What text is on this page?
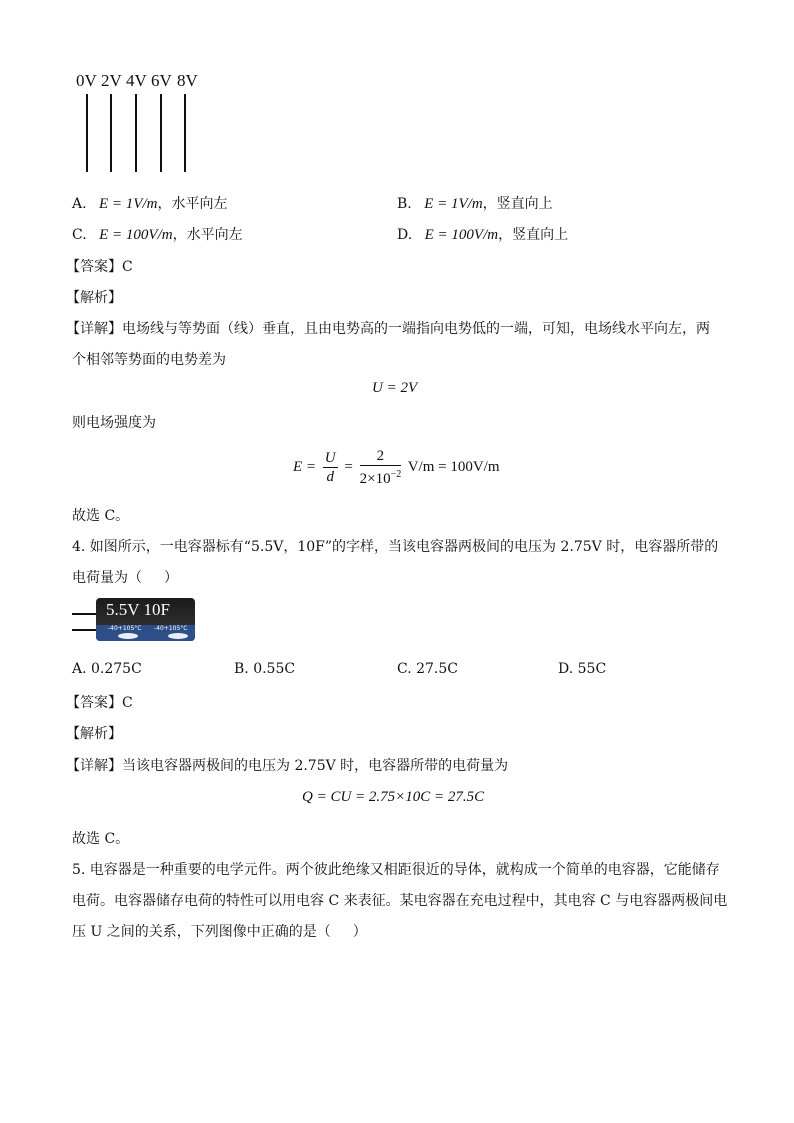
0V 2V 4V 6V 8V
A. E = 1V/m，水平向左	B. E = 1V/m，竖直向上
C. E = 100V/m，水平向左	D. E = 100V/m，竖直向上
【答案】C
【解析】
【详解】电场线与等势面（线）垂直，且由电势高的一端指向电势低的一端，可知，电场线水平向左，两
个相邻等势面的电势差为
U = 2V
则电场强度为
$E = \frac{U}{d} = \frac{2}{2\times 10^{-2}} V/m = 100V/m$
故选 C。
4. 如图所示，一电容器标有“5.5V，10F”的字样，当该电容器两极间的电压为 2.75V 时，电容器所带的
电荷量为（ ）
5.5V 10F
-40+105°C -40+105°C
A. 0.275C	B. 0.55C	C. 27.5C	D. 55C
【答案】C
【解析】
【详解】当该电容器两极间的电压为 2.75V 时，电容器所带的电荷量为
Q = CU = 2.75×10C = 27.5C
故选 C。
5. 电容器是一种重要的电学元件。两个彼此绝缘又相距很近的导体，就构成一个简单的电容器，它能储存
电荷。电容器储存电荷的特性可以用电容 C 来表征。某电容器在充电过程中，其电容 C 与电容器两极间电
压 U 之间的关系，下列图像中正确的是（ ）
